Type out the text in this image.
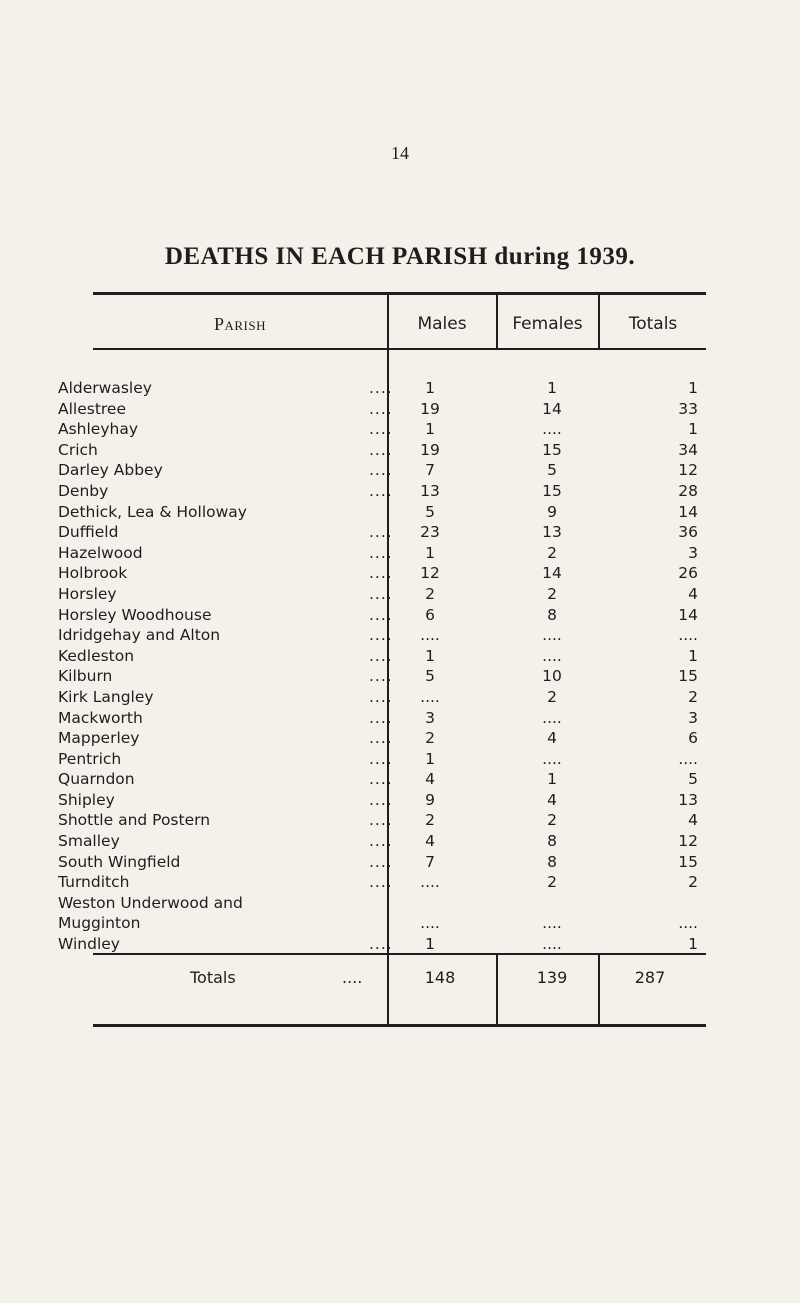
14
DEATHS IN EACH PARISH during 1939.
Parish	Males	Females	Totals
Alderwasley	....	1	1	1
Allestree	....	19	14	33
Ashleyhay	....	1	....	1
Crich	....	19	15	34
Darley Abbey	....	7	5	12
Denby	....	13	15	28
Dethick, Lea & Holloway	5	9	14
Duffield	....	23	13	36
Hazelwood	....	1	2	3
Holbrook	....	12	14	26
Horsley	....	2	2	4
Horsley Woodhouse	....	6	8	14
Idridgehay and Alton	....	....	....	....
Kedleston	....	1	....	1
Kilburn	....	5	10	15
Kirk Langley	....	....	2	2
Mackworth	....	3	....	3
Mapperley	....	2	4	6
Pentrich	....	1	....	....
Quarndon	....	4	1	5
Shipley	....	9	4	13
Shottle and Postern	....	2	2	4
Smalley	....	4	8	12
South Wingfield	....	7	8	15
Turnditch	....	....	2	2
Weston Underwood and
Mugginton	....	....	....
Windley	....	1	....	1
Totals	....	148	139	287
